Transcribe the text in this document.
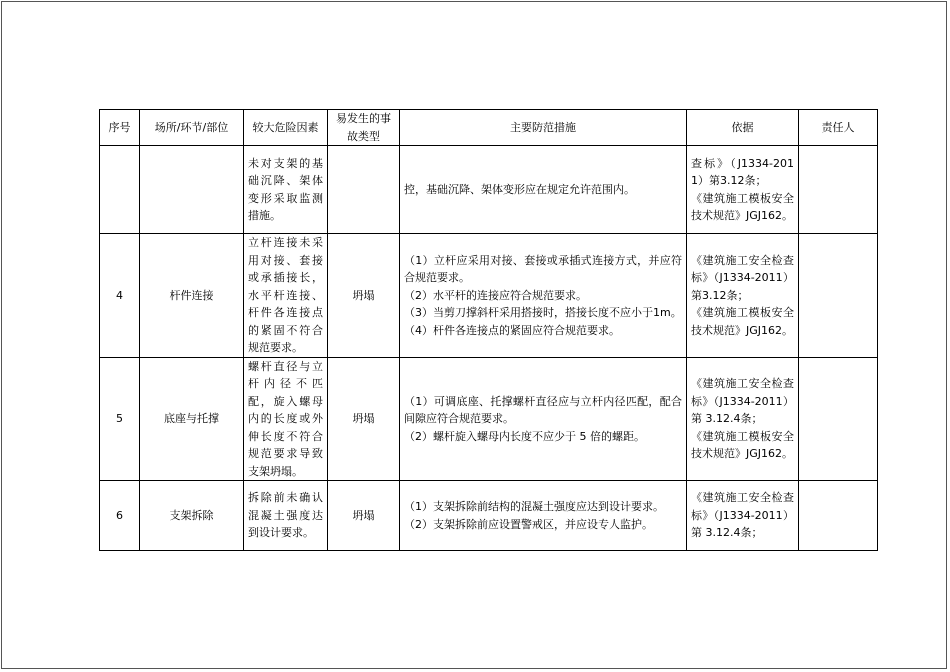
序号	场所/环节/部位	较大危险因素	易发生的事故类型	主要防范措施	依据	责任人
		未对支架的基础沉降、架体变形采取监测措施。		控，基础沉降、架体变形应在规定允许范围内。	查标》（J1334-2011）第3.12条；
《建筑施工模板安全技术规范》JGJ162。	

4	杆件连接	立杆连接未采用对接、套接或承插接长，水平杆连接、杆件各连接点的紧固不符合规范要求。	坍塌	（1）立杆应采用对接、套接或承插式连接方式，并应符合规范要求。
（2）水平杆的连接应符合规范要求。
（3）当剪刀撑斜杆采用搭接时，搭接长度不应小于1m。
（4）杆件各连接点的紧固应符合规范要求。	《建筑施工安全检查标》（J1334-2011）第3.12条；
《建筑施工模板安全技术规范》JGJ162。	

5	底座与托撑	螺杆直径与立杆内径不匹配，旋入螺母内的长度或外伸长度不符合规范要求导致支架坍塌。	坍塌	（1）可调底座、托撑螺杆直径应与立杆内径匹配，配合间隙应符合规范要求。
（2）螺杆旋入螺母内长度不应少于 5 倍的螺距。	《建筑施工安全检查标》（J1334-2011）第 3.12.4条；
《建筑施工模板安全技术规范》JGJ162。	

6	支架拆除	拆除前未确认混凝土强度达到设计要求。	坍塌	（1）支架拆除前结构的混凝土强度应达到设计要求。
（2）支架拆除前应设置警戒区，并应设专人监护。	《建筑施工安全检查标》（J1334-2011）第 3.12.4条；	
